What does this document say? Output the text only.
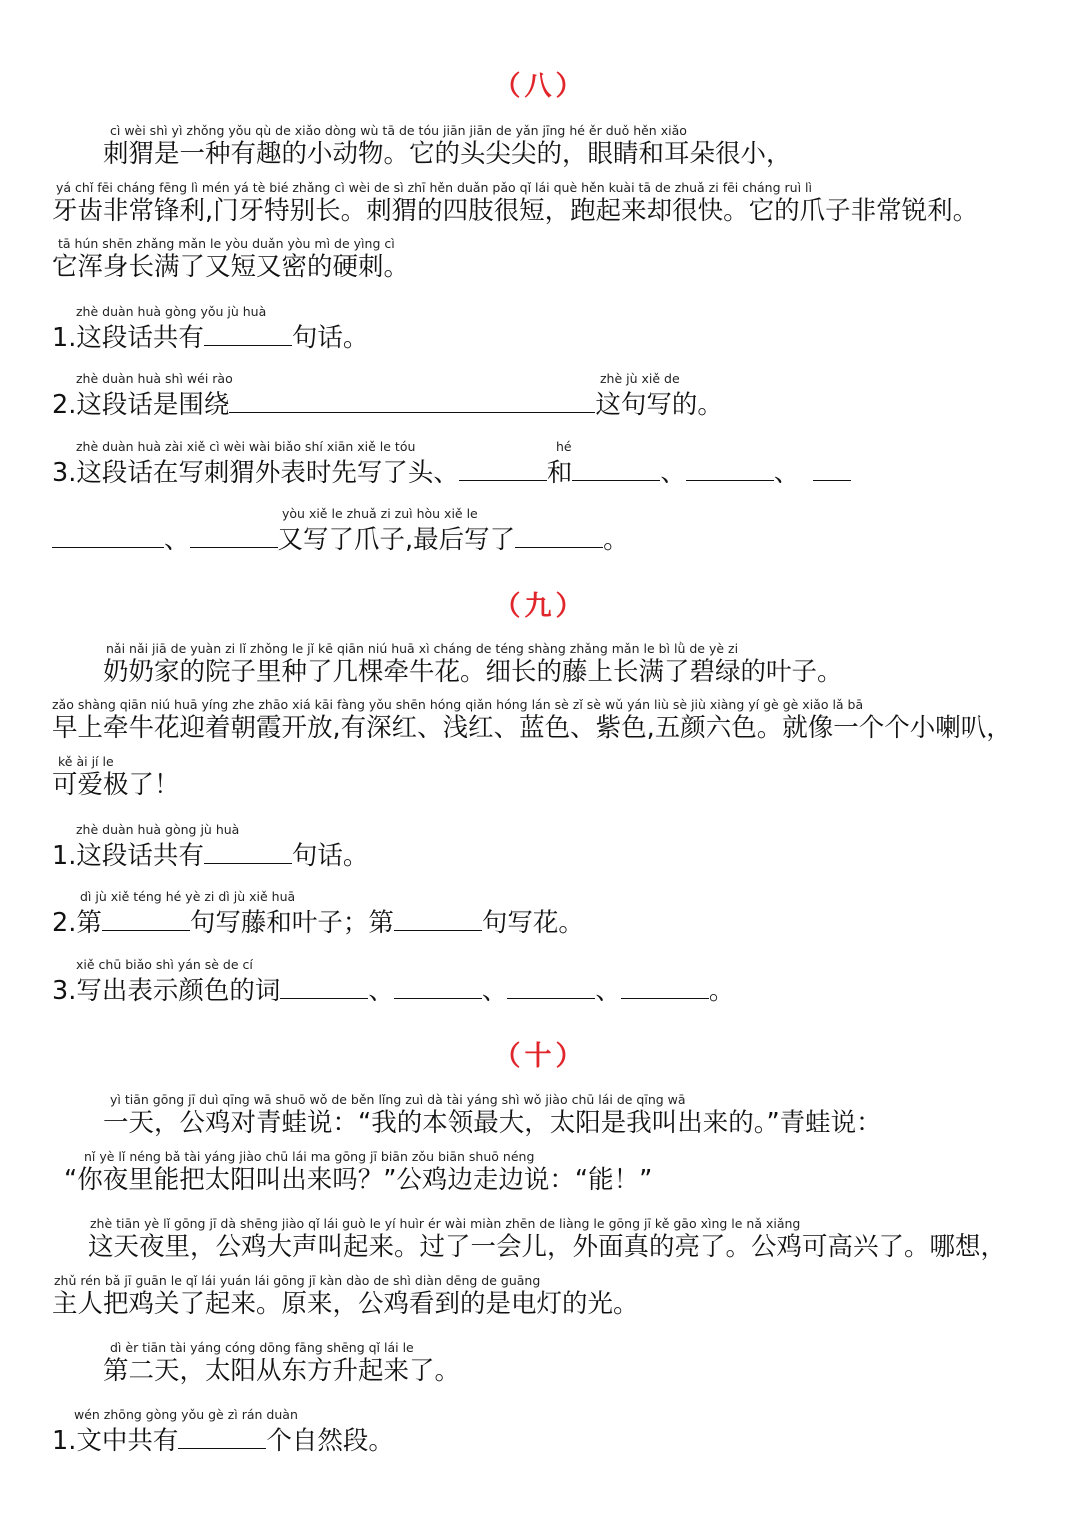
（八）
cì wèi shì yì zhǒng yǒu qù de xiǎo dòng wù tā de tóu jiān jiān de yǎn jīng hé ěr duǒ hěn xiǎo
刺猬是一种有趣的小动物。它的头尖尖的，眼睛和耳朵很小，
yá chǐ fēi cháng fēng lì mén yá tè bié zhǎng cì wèi de sì zhī hěn duǎn pǎo qǐ lái què hěn kuài tā de zhuǎ zi fēi cháng ruì lì
牙齿非常锋利,门牙特别长。刺猬的四肢很短，跑起来却很快。它的爪子非常锐利。
tā hún shēn zhǎng mǎn le yòu duǎn yòu mì de yìng cì
它浑身长满了又短又密的硬刺。
zhè duàn huà gòng yǒu jù huà
1.这段话共有	句话。
zhè duàn huà shì wéi rào	zhè jù xiě de
2.这段话是围绕	这句写的。
zhè duàn huà zài xiě cì wèi wài biǎo shí xiān xiě le tóu	hé
3.这段话在写刺猬外表时先写了头、	和	、	、
yòu xiě le zhuǎ zi zuì hòu xiě le
、	又写了爪子,最后写了	。
（九）
nǎi nǎi jiā de yuàn zi lǐ zhǒng le jǐ kē qiān niú huā xì cháng de téng shàng zhǎng mǎn le bì lǜ de yè zi
奶奶家的院子里种了几棵牵牛花。细长的藤上长满了碧绿的叶子。
zǎo shàng qiān niú huā yíng zhe zhāo xiá kāi fàng yǒu shēn hóng qiǎn hóng lán sè zǐ sè wǔ yán liù sè jiù xiàng yí gè gè xiǎo lǎ bā
早上牵牛花迎着朝霞开放,有深红、浅红、蓝色、紫色,五颜六色。就像一个个小喇叭，
kě ài jí le
可爱极了！
zhè duàn huà gòng jù huà
1.这段话共有	句话。
dì jù xiě téng hé yè zi dì jù xiě huā
2.第	句写藤和叶子；第	句写花。
xiě chū biǎo shì yán sè de cí
3.写出表示颜色的词	、	、	、	。
（十）
yì tiān gōng jī duì qīng wā shuō wǒ de běn lǐng zuì dà tài yáng shì wǒ jiào chū lái de qīng wā
一天，公鸡对青蛙说：“我的本领最大，太阳是我叫出来的。”青蛙说：
nǐ yè lǐ néng bǎ tài yáng jiào chū lái ma gōng jī biān zǒu biān shuō néng
“你夜里能把太阳叫出来吗？”公鸡边走边说：“能！”
zhè tiān yè lǐ gōng jī dà shēng jiào qǐ lái guò le yí huìr ér wài miàn zhēn de liàng le gōng jī kě gāo xìng le nǎ xiǎng
这天夜里，公鸡大声叫起来。过了一会儿，外面真的亮了。公鸡可高兴了。哪想，
zhǔ rén bǎ jī guān le qǐ lái yuán lái gōng jī kàn dào de shì diàn dēng de guāng
主人把鸡关了起来。原来，公鸡看到的是电灯的光。
dì èr tiān tài yáng cóng dōng fāng shēng qǐ lái le
第二天，太阳从东方升起来了。
wén zhōng gòng yǒu gè zì rán duàn
1.文中共有	个自然段。
